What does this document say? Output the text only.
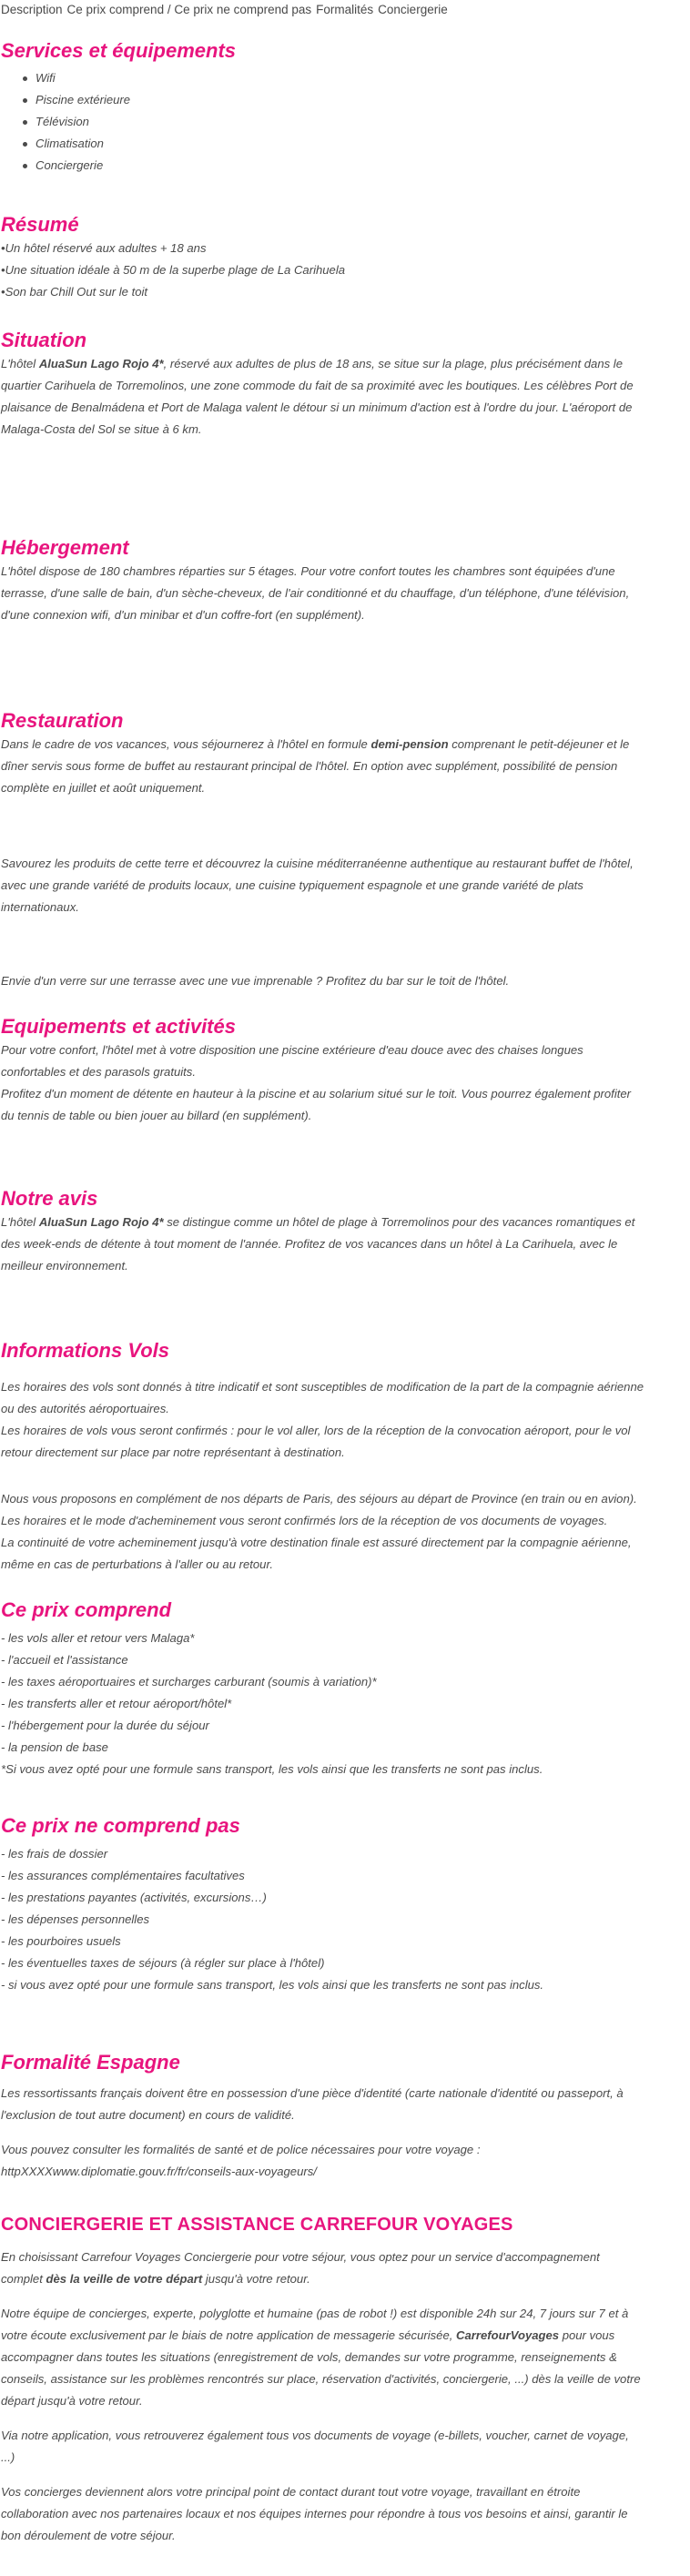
Description Ce prix comprend / Ce prix ne comprend pas Formalités Conciergerie
Services et équipements
Wifi
Piscine extérieure
Télévision
Climatisation
Conciergerie
Résumé

•Un hôtel réservé aux adultes + 18 ans

•Une situation idéale à 50 m de la superbe plage de La Carihuela

•Son bar Chill Out sur le toit

Situation

L'hôtel AluaSun Lago Rojo 4*, réservé aux adultes de plus de 18 ans, se situe sur la plage, plus précisément dans le

quartier Carihuela de Torremolinos, une zone commode du fait de sa proximité avec les boutiques. Les célèbres Port de

plaisance de Benalmádena et Port de Malaga valent le détour si un minimum d'action est à l'ordre du jour. L'aéroport de

Malaga-Costa del Sol se situe à 6 km.

Hébergement

L'hôtel dispose de 180 chambres réparties sur 5 étages. Pour votre confort toutes les chambres sont équipées d'une

terrasse, d'une salle de bain, d'un sèche-cheveux, de l'air conditionné et du chauffage, d'un téléphone, d'une télévision,

d'une connexion wifi, d'un minibar et d'un coffre-fort (en supplément).

Restauration

Dans le cadre de vos vacances, vous séjournerez à l'hôtel en formule demi-pension comprenant le petit-déjeuner et le

dîner servis sous forme de buffet au restaurant principal de l'hôtel. En option avec supplément, possibilité de pension

complète en juillet et août uniquement.

Savourez les produits de cette terre et découvrez la cuisine méditerranéenne authentique au restaurant buffet de l'hôtel,

avec une grande variété de produits locaux, une cuisine typiquement espagnole et une grande variété de plats

internationaux.

Envie d'un verre sur une terrasse avec une vue imprenable ? Profitez du bar sur le toit de l'hôtel.

Equipements et activités

Pour votre confort, l'hôtel met à votre disposition une piscine extérieure d'eau douce avec des chaises longues

confortables et des parasols gratuits.

Profitez d'un moment de détente en hauteur à la piscine et au solarium situé sur le toit. Vous pourrez également profiter

du tennis de table ou bien jouer au billard (en supplément).

Notre avis

L'hôtel AluaSun Lago Rojo 4* se distingue comme un hôtel de plage à Torremolinos pour des vacances romantiques et

des week-ends de détente à tout moment de l'année. Profitez de vos vacances dans un hôtel à La Carihuela, avec le

meilleur environnement.

Informations Vols

Les horaires des vols sont donnés à titre indicatif et sont susceptibles de modification de la part de la compagnie aérienne

ou des autorités aéroportuaires.

Les horaires de vols vous seront confirmés : pour le vol aller, lors de la réception de la convocation aéroport, pour le vol

retour directement sur place par notre représentant à destination.

Nous vous proposons en complément de nos départs de Paris, des séjours au départ de Province (en train ou en avion).

Les horaires et le mode d'acheminement vous seront confirmés lors de la réception de vos documents de voyages.

La continuité de votre acheminement jusqu'à votre destination finale est assuré directement par la compagnie aérienne,

même en cas de perturbations à l'aller ou au retour.

Ce prix comprend

- les vols aller et retour vers Malaga*

- l'accueil et l'assistance

- les taxes aéroportuaires et surcharges carburant (soumis à variation)*

- les transferts aller et retour aéroport/hôtel*

- l'hébergement pour la durée du séjour

- la pension de base

*Si vous avez opté pour une formule sans transport, les vols ainsi que les transferts ne sont pas inclus.

Ce prix ne comprend pas

- les frais de dossier

- les assurances complémentaires facultatives

- les prestations payantes (activités, excursions…)

- les dépenses personnelles

- les pourboires usuels

- les éventuelles taxes de séjours (à régler sur place à l'hôtel)

- si vous avez opté pour une formule sans transport, les vols ainsi que les transferts ne sont pas inclus.

Formalité Espagne

Les ressortissants français doivent être en possession d'une pièce d'identité (carte nationale d'identité ou passeport, à

l'exclusion de tout autre document) en cours de validité.

Vous pouvez consulter les formalités de santé et de police nécessaires pour votre voyage :

httpXXXXwww.diplomatie.gouv.fr/fr/conseils-aux-voyageurs/

CONCIERGERIE ET ASSISTANCE CARREFOUR VOYAGES

En choisissant Carrefour Voyages Conciergerie pour votre séjour, vous optez pour un service d'accompagnement

complet dès la veille de votre départ jusqu'à votre retour.

Notre équipe de concierges, experte, polyglotte et humaine (pas de robot !) est disponible 24h sur 24, 7 jours sur 7 et à

votre écoute exclusivement par le biais de notre application de messagerie sécurisée, CarrefourVoyages pour vous

accompagner dans toutes les situations (enregistrement de vols, demandes sur votre programme, renseignements &

conseils, assistance sur les problèmes rencontrés sur place, réservation d'activités, conciergerie, ...) dès la veille de votre

départ jusqu'à votre retour.

Via notre application, vous retrouverez également tous vos documents de voyage (e-billets, voucher, carnet de voyage,

...)

Vos concierges deviennent alors votre principal point de contact durant tout votre voyage, travaillant en étroite

collaboration avec nos partenaires locaux et nos équipes internes pour répondre à tous vos besoins et ainsi, garantir le

bon déroulement de votre séjour.
